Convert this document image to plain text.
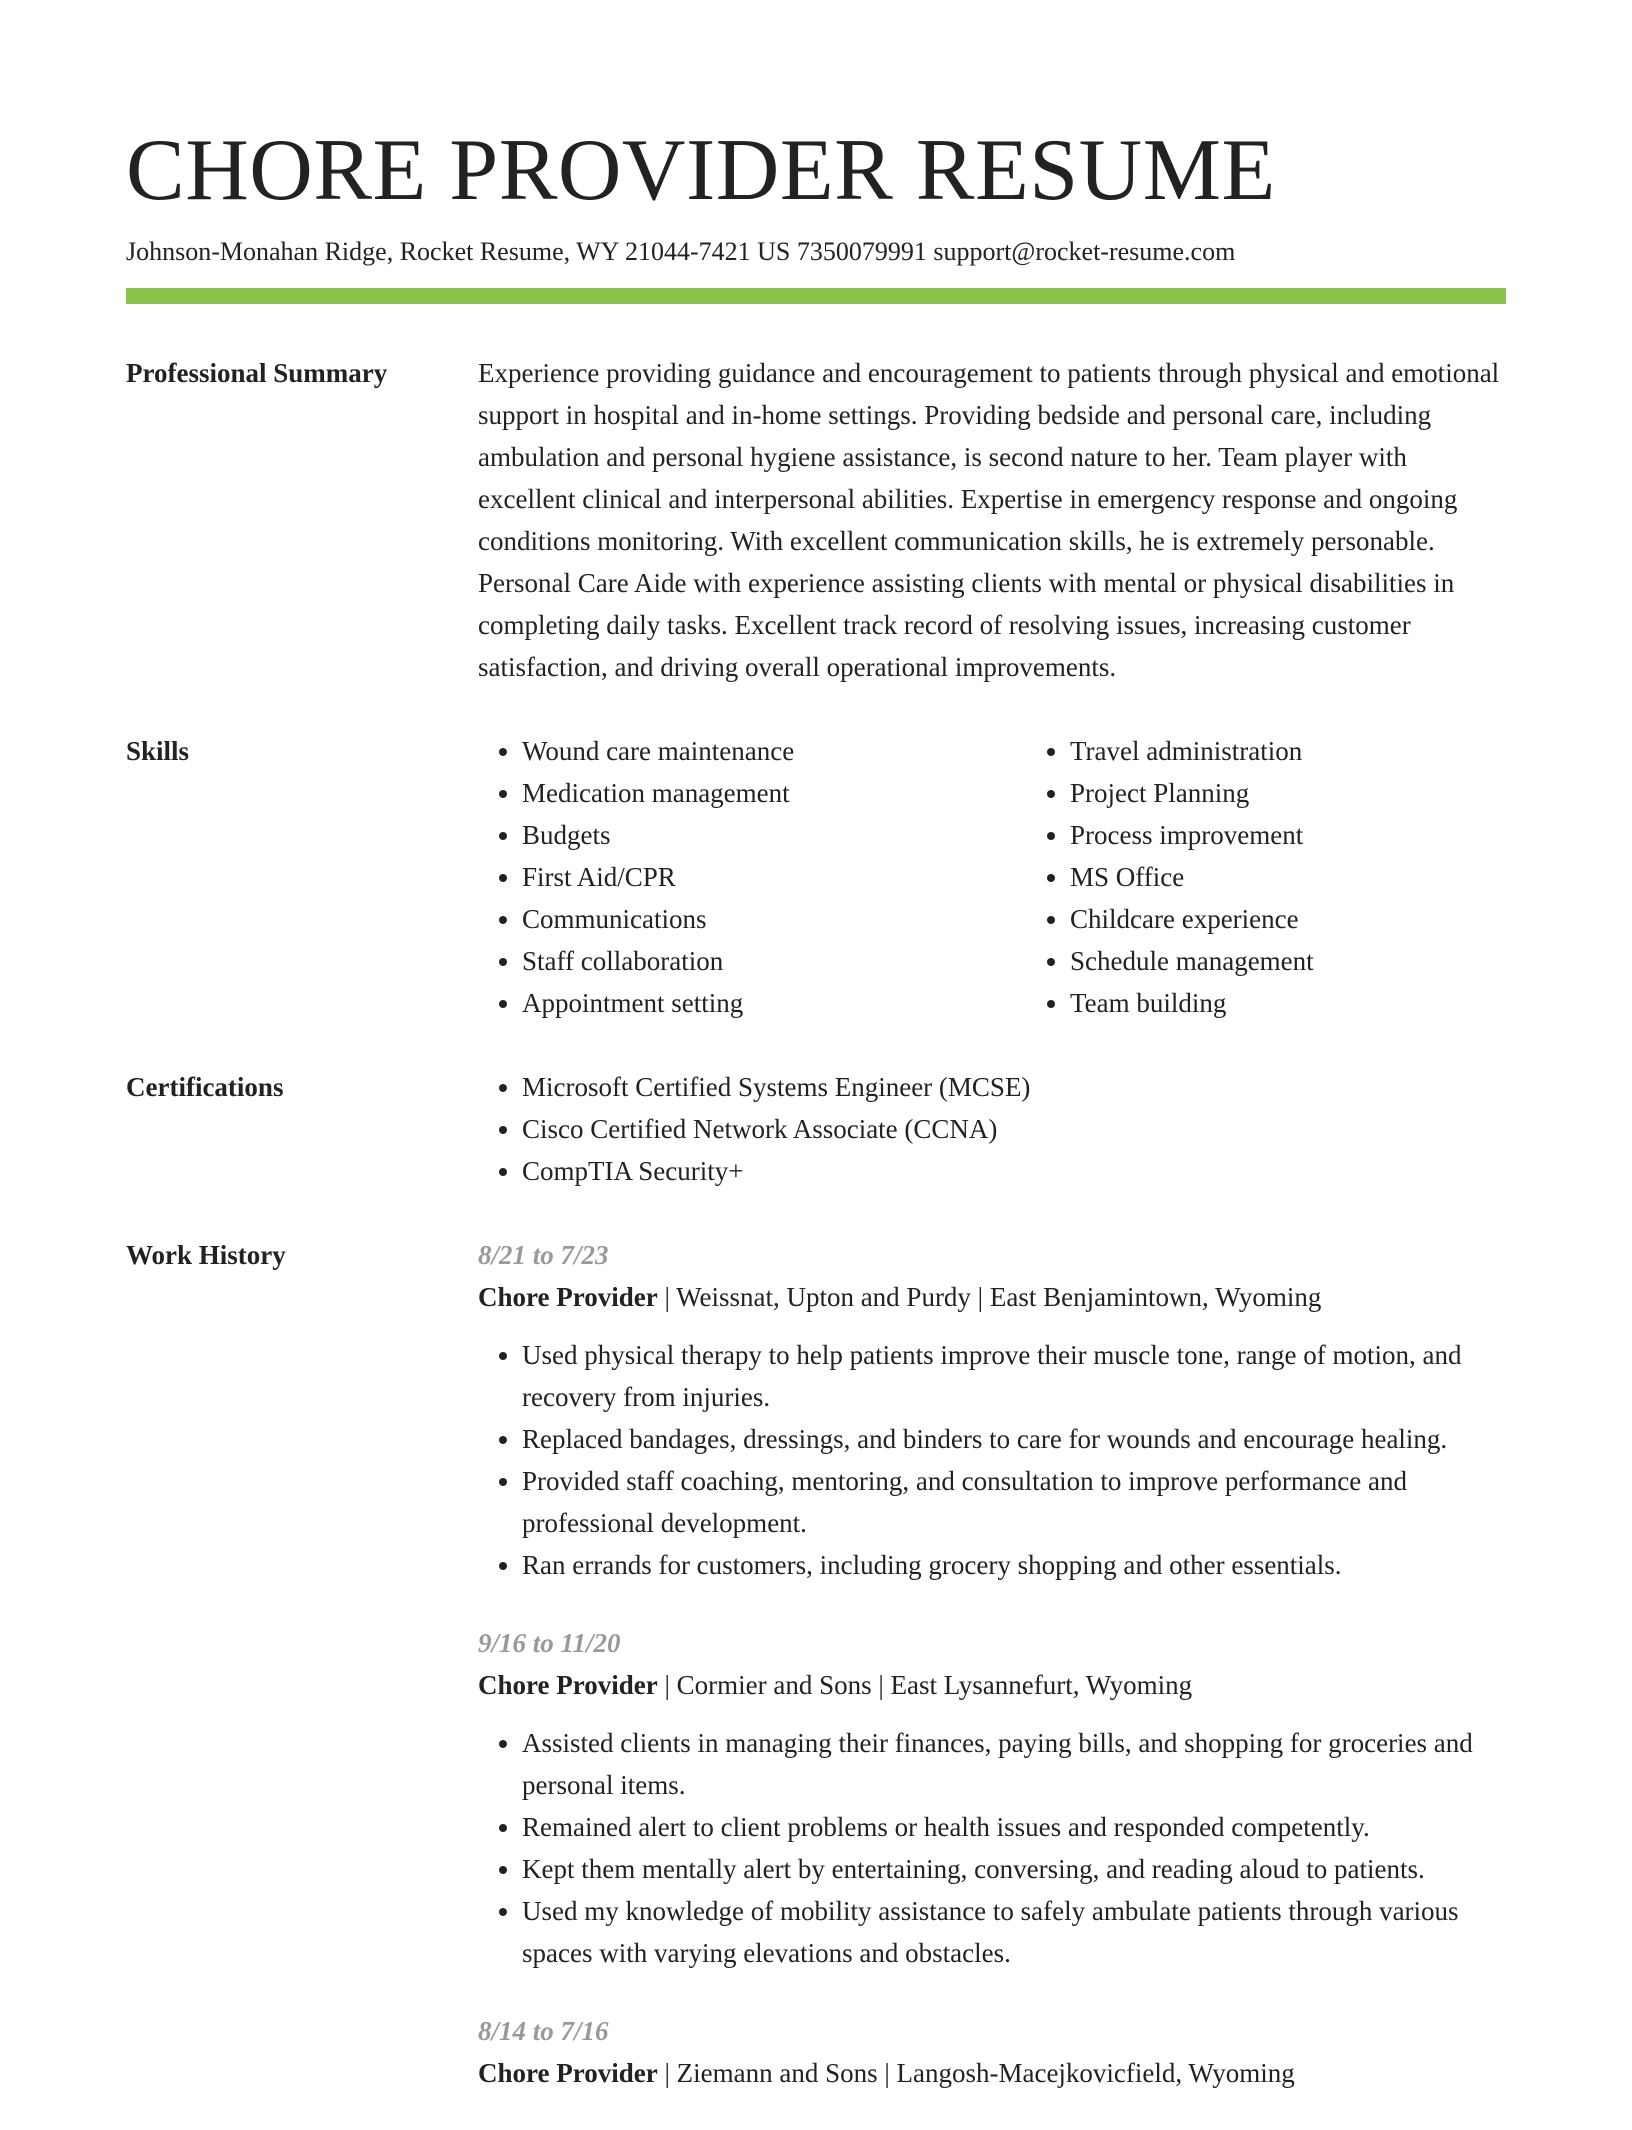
CHORE PROVIDER RESUME
Johnson-Monahan Ridge, Rocket Resume, WY 21044-7421 US 7350079991 support@rocket-resume.com
Professional Summary	Experience providing guidance and encouragement to patients through physical and emotional support in hospital and in-home settings. Providing bedside and personal care, including ambulation and personal hygiene assistance, is second nature to her. Team player with excellent clinical and interpersonal abilities. Expertise in emergency response and ongoing conditions monitoring. With excellent communication skills, he is extremely personable. Personal Care Aide with experience assisting clients with mental or physical disabilities in completing daily tasks. Excellent track record of resolving issues, increasing customer satisfaction, and driving overall operational improvements.

Skills	• Wound care maintenance
• Medication management
• Budgets
• First Aid/CPR
• Communications
• Staff collaboration
• Appointment setting
• Travel administration
• Project Planning
• Process improvement
• MS Office
• Childcare experience
• Schedule management
• Team building
Certifications	• Microsoft Certified Systems Engineer (MCSE)
• Cisco Certified Network Associate (CCNA)
• CompTIA Security+
Work History	8/21 to 7/23
Chore Provider | Weissnat, Upton and Purdy | East Benjamintown, Wyoming
• Used physical therapy to help patients improve their muscle tone, range of motion, and recovery from injuries.
• Replaced bandages, dressings, and binders to care for wounds and encourage healing.
• Provided staff coaching, mentoring, and consultation to improve performance and professional development.
• Ran errands for customers, including grocery shopping and other essentials.
9/16 to 11/20
Chore Provider | Cormier and Sons | East Lysannefurt, Wyoming
• Assisted clients in managing their finances, paying bills, and shopping for groceries and personal items.
• Remained alert to client problems or health issues and responded competently.
• Kept them mentally alert by entertaining, conversing, and reading aloud to patients.
• Used my knowledge of mobility assistance to safely ambulate patients through various spaces with varying elevations and obstacles.
8/14 to 7/16
Chore Provider | Ziemann and Sons | Langosh-Macejkovicfield, Wyoming
